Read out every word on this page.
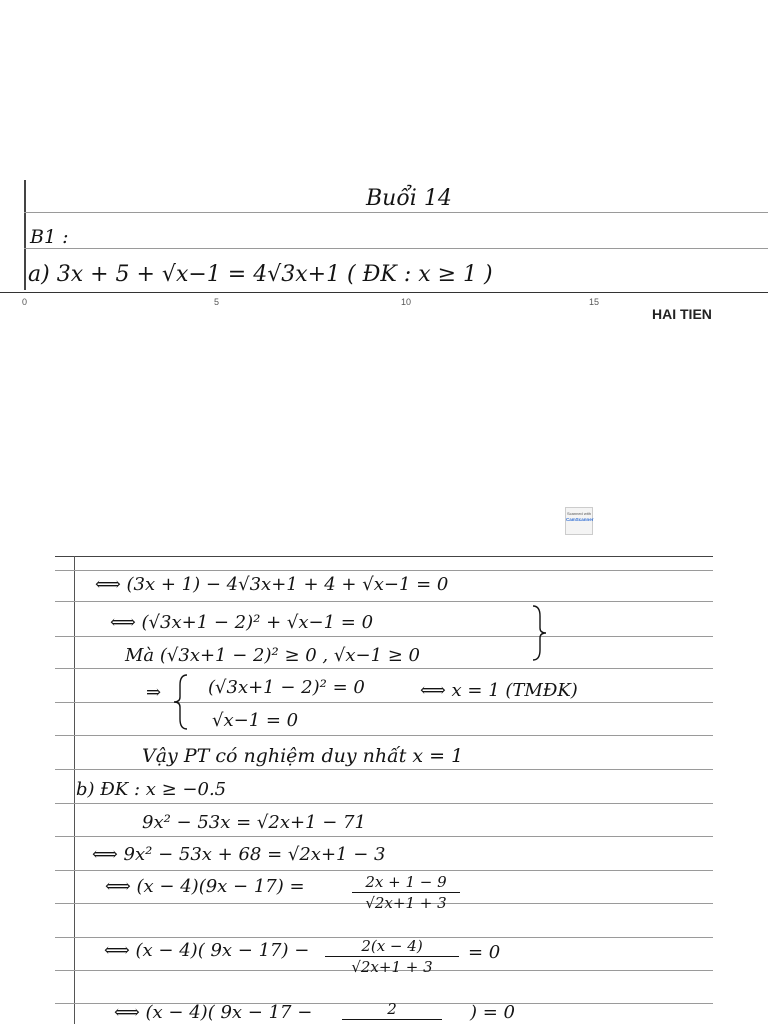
Buổi 14
B1 :
a) 3x + 5 + √x−1 = 4√3x+1 ( ĐK : x ≥ 1 )
0	5	10	15
HAI TIEN
Scanned with
CamScanner
⟺ (3x + 1) − 4√3x+1 + 4 + √x−1 = 0
⟺ (√3x+1 − 2)² + √x−1 = 0
Mà (√3x+1 − 2)² ≥ 0 , √x−1 ≥ 0
⇒	(√3x+1 − 2)² = 0
√x−1 = 0
⟺ x = 1 (TMĐK)
Vậy PT có nghiệm duy nhất x = 1
b) ĐK : x ≥ −0.5
9x² − 53x = √2x+1 − 71
⟺ 9x² − 53x + 68 = √2x+1 − 3
⟺ (x − 4)(9x − 17) =	2x + 1 − 9
√2x+1 + 3
⟺ (x − 4)( 9x − 17) −	2(x − 4)
√2x+1 + 3
= 0
⟺ (x − 4)( 9x − 17 −	2	) = 0
